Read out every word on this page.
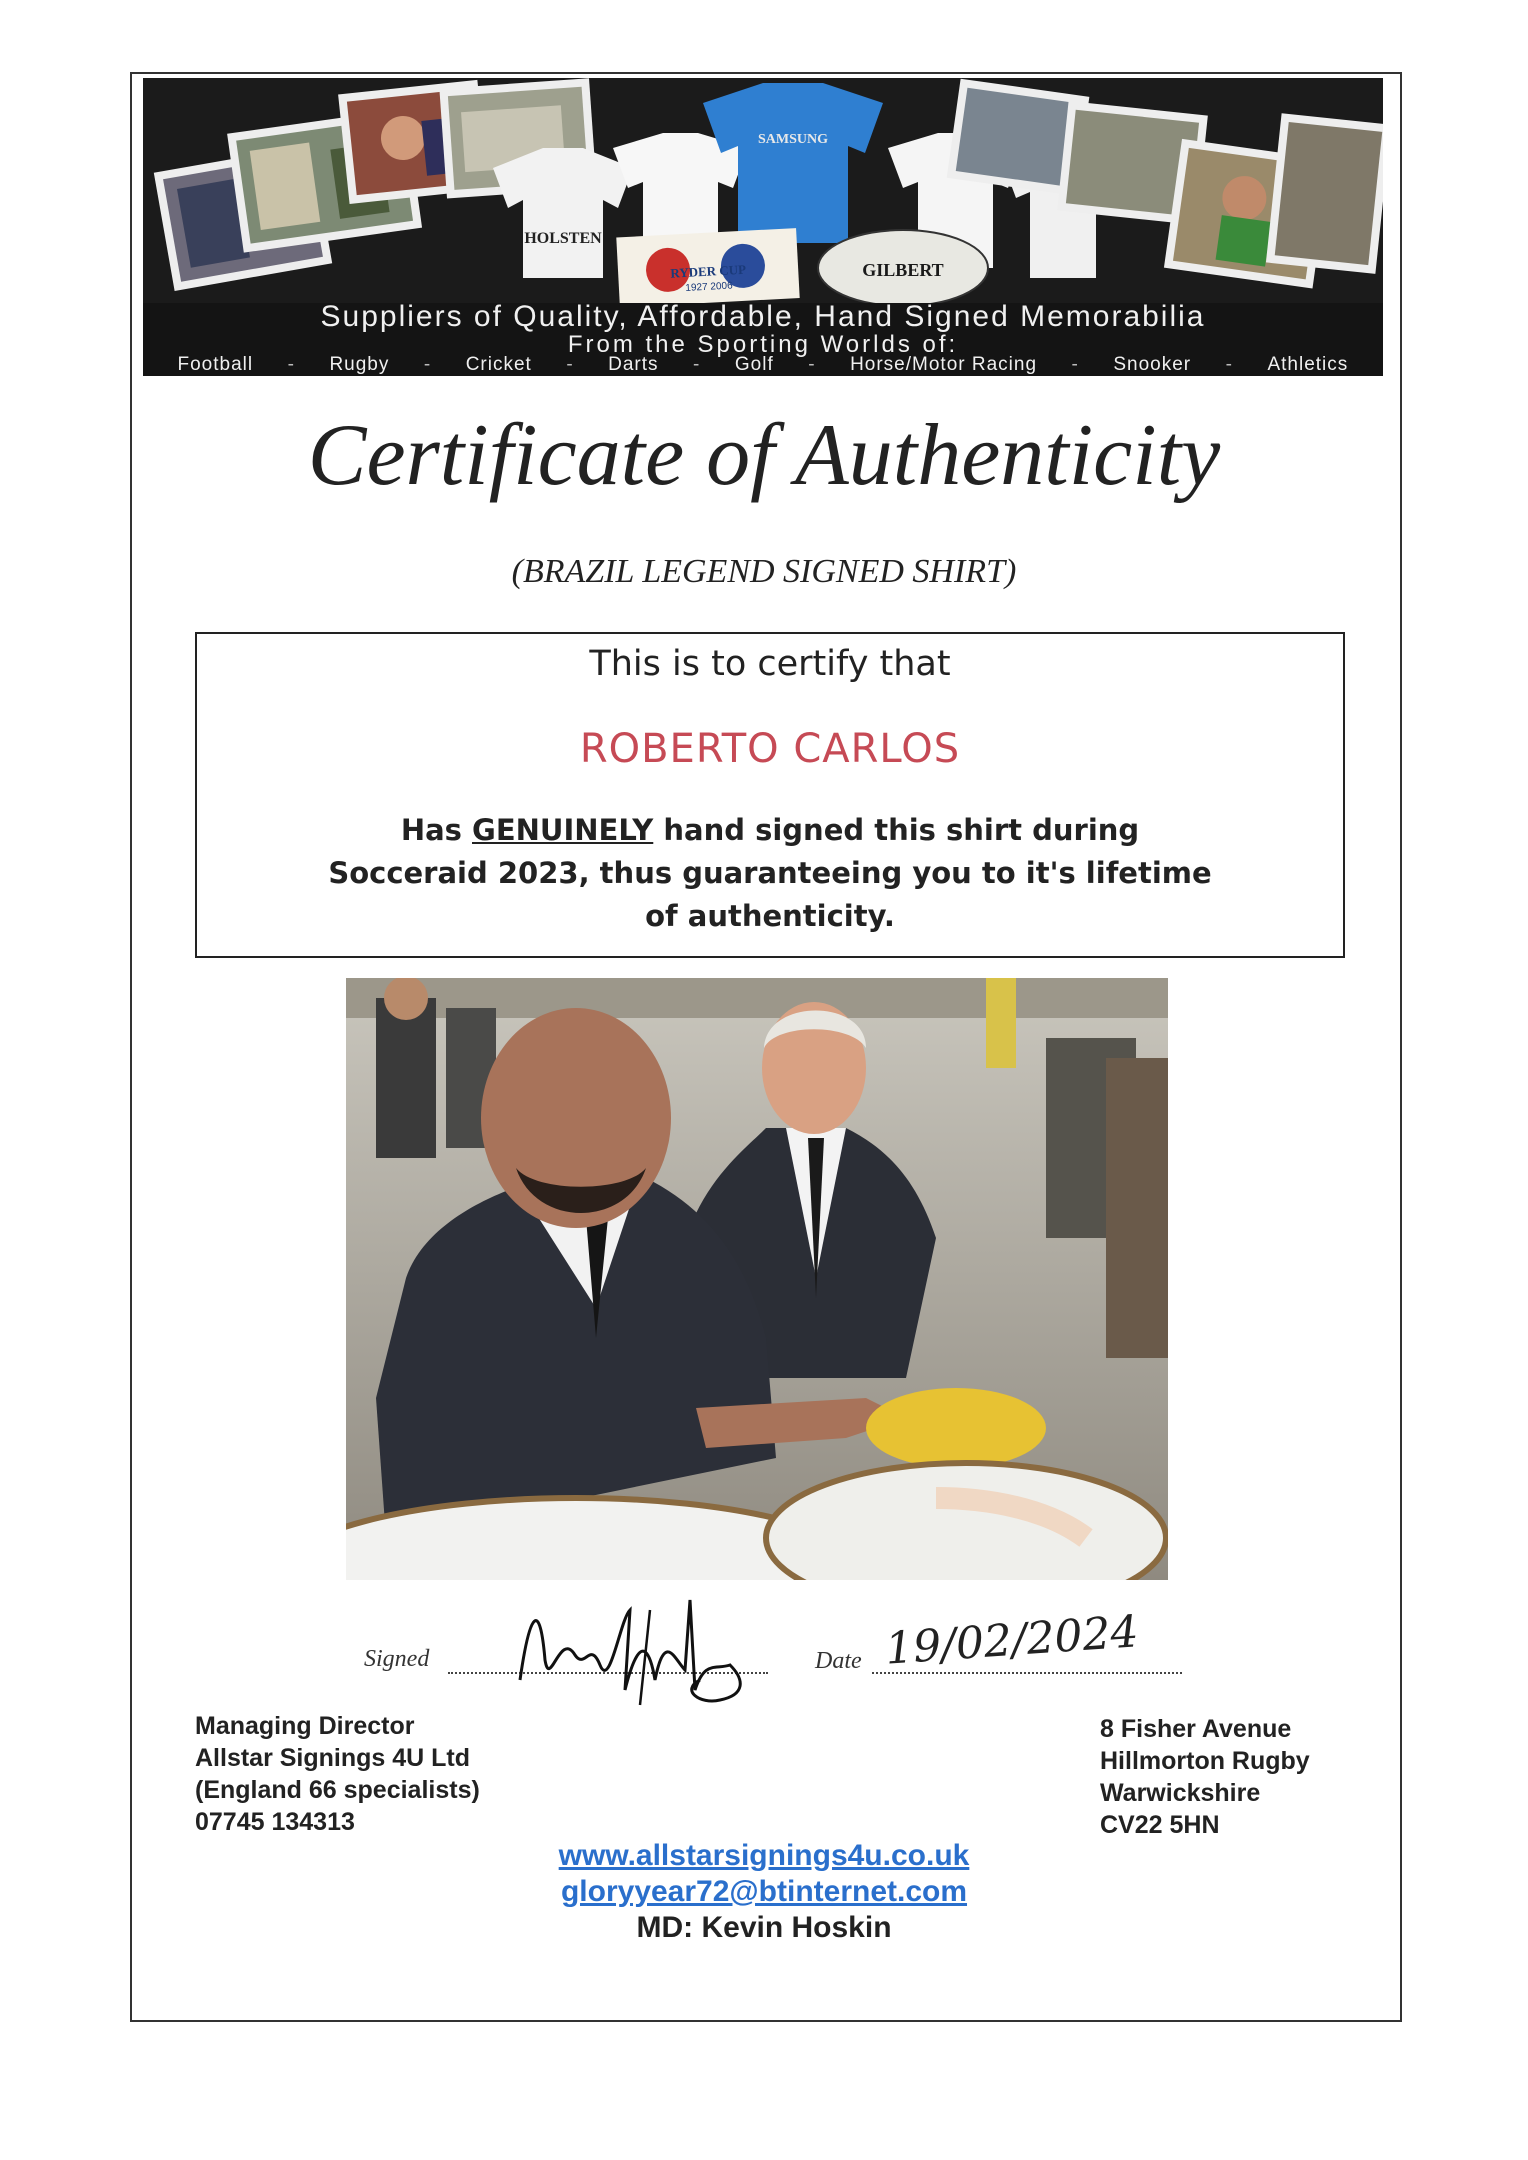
HOLSTEN
SAMSUNG
RYDER CUP
1927 2006
GILBERT
Suppliers of Quality, Affordable, Hand Signed Memorabilia
From the Sporting Worlds of:
Football - Rugby - Cricket - Darts - Golf - Horse/Motor Racing - Snooker - Athletics
Certificate of Authenticity
(BRAZIL LEGEND SIGNED SHIRT)
This is to certify that
ROBERTO CARLOS
Has GENUINELY hand signed this shirt during
Socceraid 2023, thus guaranteeing you to it's lifetime
of authenticity.
Signed	Date 19/02/2024
Managing Director
Allstar Signings 4U Ltd
(England 66 specialists)
07745 134313
8 Fisher Avenue
Hillmorton Rugby
Warwickshire
CV22 5HN
www.allstarsignings4u.co.uk
gloryyear72@btinternet.com
MD: Kevin Hoskin
